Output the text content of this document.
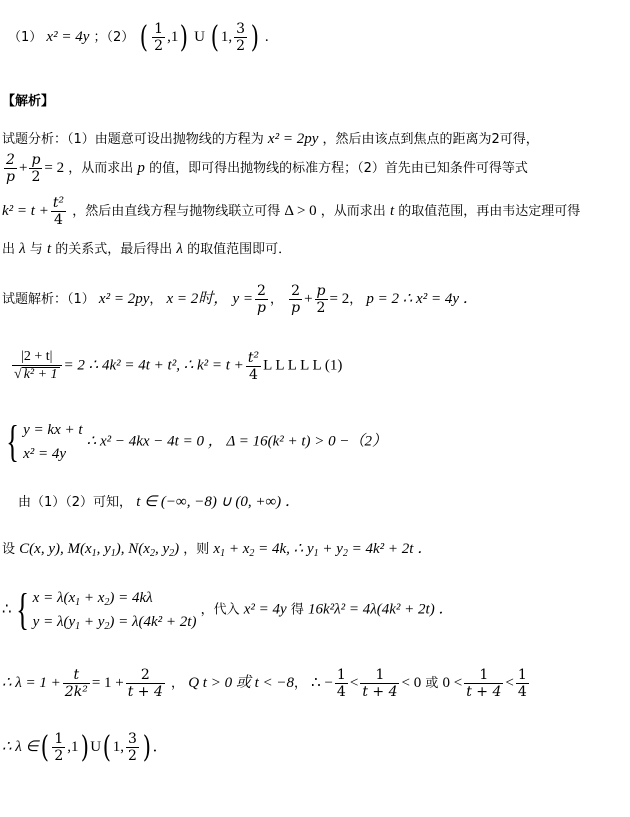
（1） x² = 4y ；（2） ( $\frac{1}{2} ,1$) U ( 1, $\frac{3}{2}$ ) .
【解析】
试题分析：（1）由题意可设出抛物线的方程为 x² = 2py ，然后由该点到焦点的距离为2可得，
$\frac{2}{p} + \frac{p}{2} = 2$ ，从而求出 p 的值，即可得出抛物线的标准方程；（2）首先由已知条件可得等式
$k^2 = t + \frac{\text{t²}}{4}$ ，然后由直线方程与抛物线联立可得 Δ > 0 ，从而求出 t 的取值范围，再由韦达定理可得
出 λ 与 t 的关系式，最后得出 λ 的取值范围即可．
试题解析：（1） x² = 2py， x = 2时， $y = \frac{2}{p}$ ， $\frac{2}{p} + \frac{p}{2} = 2$， p = 2 ∴ x² = 4y ．
$\frac{|2 + t|}{\text{√ k² + 1}} = 2$ ∴ 4k² = 4t + t², ∴ $k^2 = t + \frac{\text{t²}}{4}$ L L L L L (1)
{ y = kx + t
x² = 4y
∴ x² − 4kx − 4t = 0 ， Δ = 16(k² + t) > 0 −（2）
由（1）（2）可知， t ∈ (−∞, −8) ∪ (0, +∞) ．
设 C(x, y), $M(x_1$, $y_1$), $N(x_2$, $y_2$) ，则 $x_1 + x_2 = 4k$, ∴ $y_1 + y_2 = 4k^2 + 2t$ ．
∴{ $x = \lambda(x_1 + x_2) = 4k\lambda$
$y = \lambda(y_1 + y_2) = \lambda(4k^2 + 2t)$
，代入 x² = 4y 得 16k²λ² = 4λ(4k² + 2t) ．
∴ $\lambda = 1 + \frac{t}{\text{2k²}} = 1 + \frac{2}{t + 4}$ ， Q t > 0 或 t < −8， ∴ − $\frac{1}{4} < \frac{1}{t + 4} < 0$ 或 $0 < \frac{1}{t + 4} < \frac{1}{4}$
∴ λ ∈( $\frac{1}{2} ,1$) U( 1, $\frac{3}{2}$ ) ．
